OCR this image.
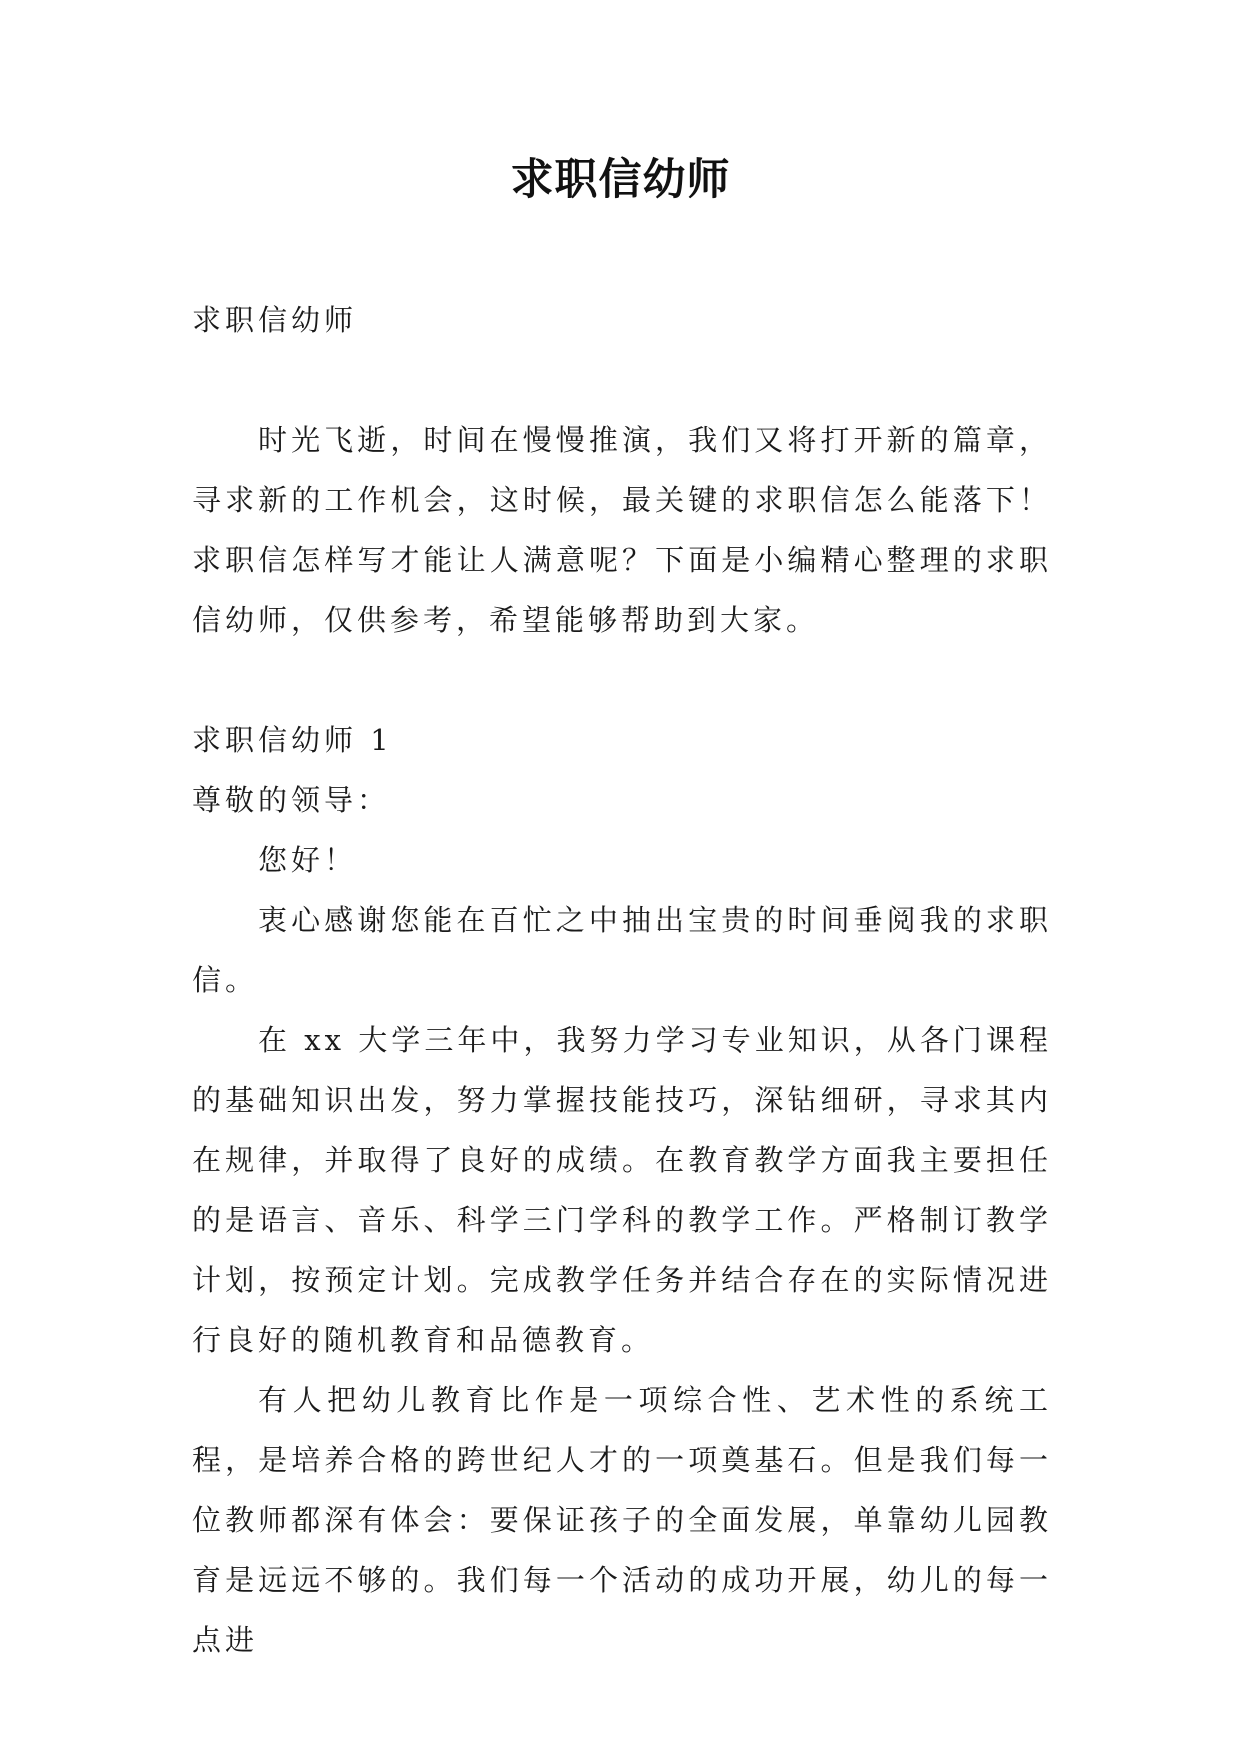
求职信幼师

求职信幼师

时光飞逝，时间在慢慢推演，我们又将打开新的篇章，寻求新的工作机会，这时候，最关键的求职信怎么能落下！求职信怎样写才能让人满意呢？下面是小编精心整理的求职信幼师，仅供参考，希望能够帮助到大家。

求职信幼师 1

尊敬的领导：

您好！

衷心感谢您能在百忙之中抽出宝贵的时间垂阅我的求职信。

在 xx 大学三年中，我努力学习专业知识，从各门课程的基础知识出发，努力掌握技能技巧，深钻细研，寻求其内在规律，并取得了良好的成绩。在教育教学方面我主要担任的是语言、音乐、科学三门学科的教学工作。严格制订教学计划，按预定计划。完成教学任务并结合存在的实际情况进行良好的随机教育和品德教育。

有人把幼儿教育比作是一项综合性、艺术性的系统工程，是培养合格的跨世纪人才的一项奠基石。但是我们每一位教师都深有体会：要保证孩子的全面发展，单靠幼儿园教育是远远不够的。我们每一个活动的成功开展，幼儿的每一点进
